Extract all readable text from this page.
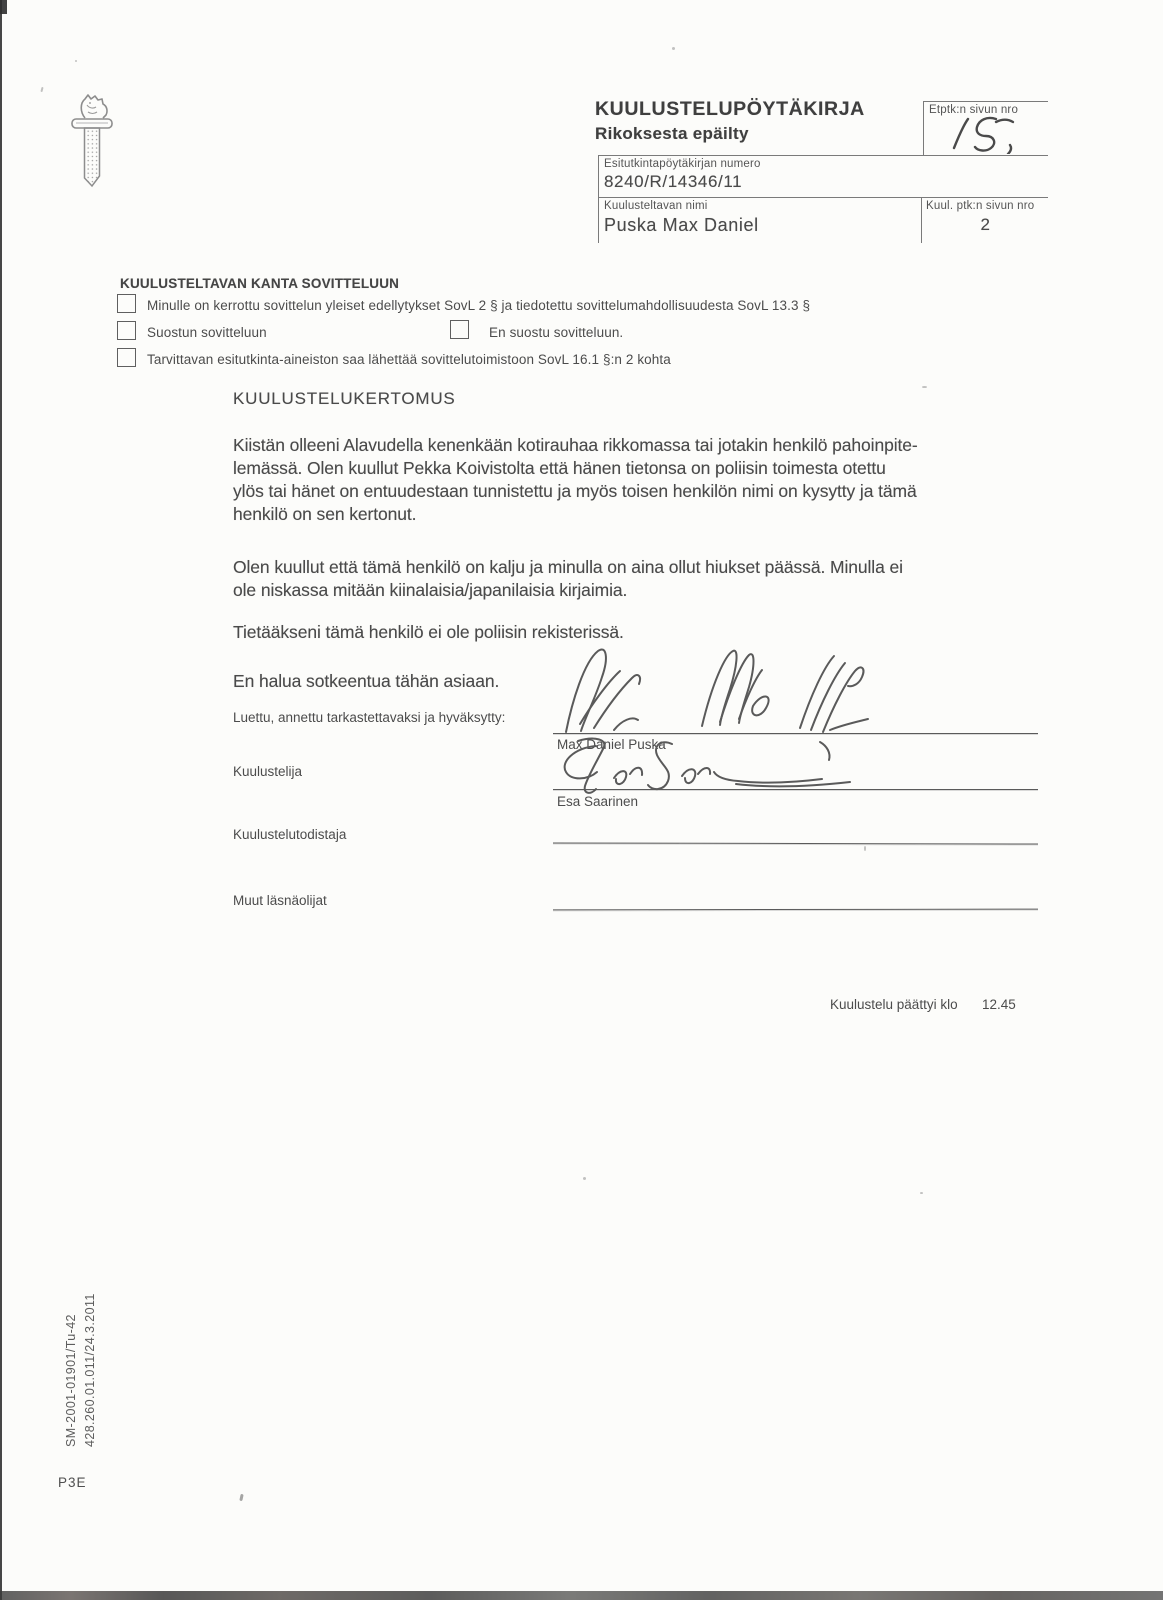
KUULUSTELUPÖYTÄKIRJA
Rikoksesta epäilty
Etptk:n sivun nro
Esitutkintapöytäkirjan numero
8240/R/14346/11
Kuulusteltavan nimi
Puska Max Daniel
Kuul. ptk:n sivun nro
2
KUULUSTELTAVAN KANTA SOVITTELUUN
Minulle on kerrottu sovittelun yleiset edellytykset SovL 2 § ja tiedotettu sovittelumahdollisuudesta SovL 13.3 §
Suostun sovitteluun	En suostu sovitteluun.
Tarvittavan esitutkinta-aineiston saa lähettää sovittelutoimistoon SovL 16.1 §:n 2 kohta
KUULUSTELUKERTOMUS
Kiistän olleeni Alavudella kenenkään kotirauhaa rikkomassa tai jotakin henkilö pahoinpite-
lemässä. Olen kuullut Pekka Koivistolta että hänen tietonsa on poliisin toimesta otettu
ylös tai hänet on entuudestaan tunnistettu ja myös toisen henkilön nimi on kysytty ja tämä
henkilö on sen kertonut.
Olen kuullut että tämä henkilö on kalju ja minulla on aina ollut hiukset päässä. Minulla ei
ole niskassa mitään kiinalaisia/japanilaisia kirjaimia.
Tietääkseni tämä henkilö ei ole poliisin rekisterissä.
En halua sotkeentua tähän asiaan.
Luettu, annettu tarkastettavaksi ja hyväksytty:
Max Daniel Puska
Kuulustelija
Esa Saarinen
Kuulustelutodistaja
Muut läsnäolijat
Kuulustelu päättyi klo 12.45
SM-2001-01901/Tu-42 428.260.01.011/24.3.2011
P3E
